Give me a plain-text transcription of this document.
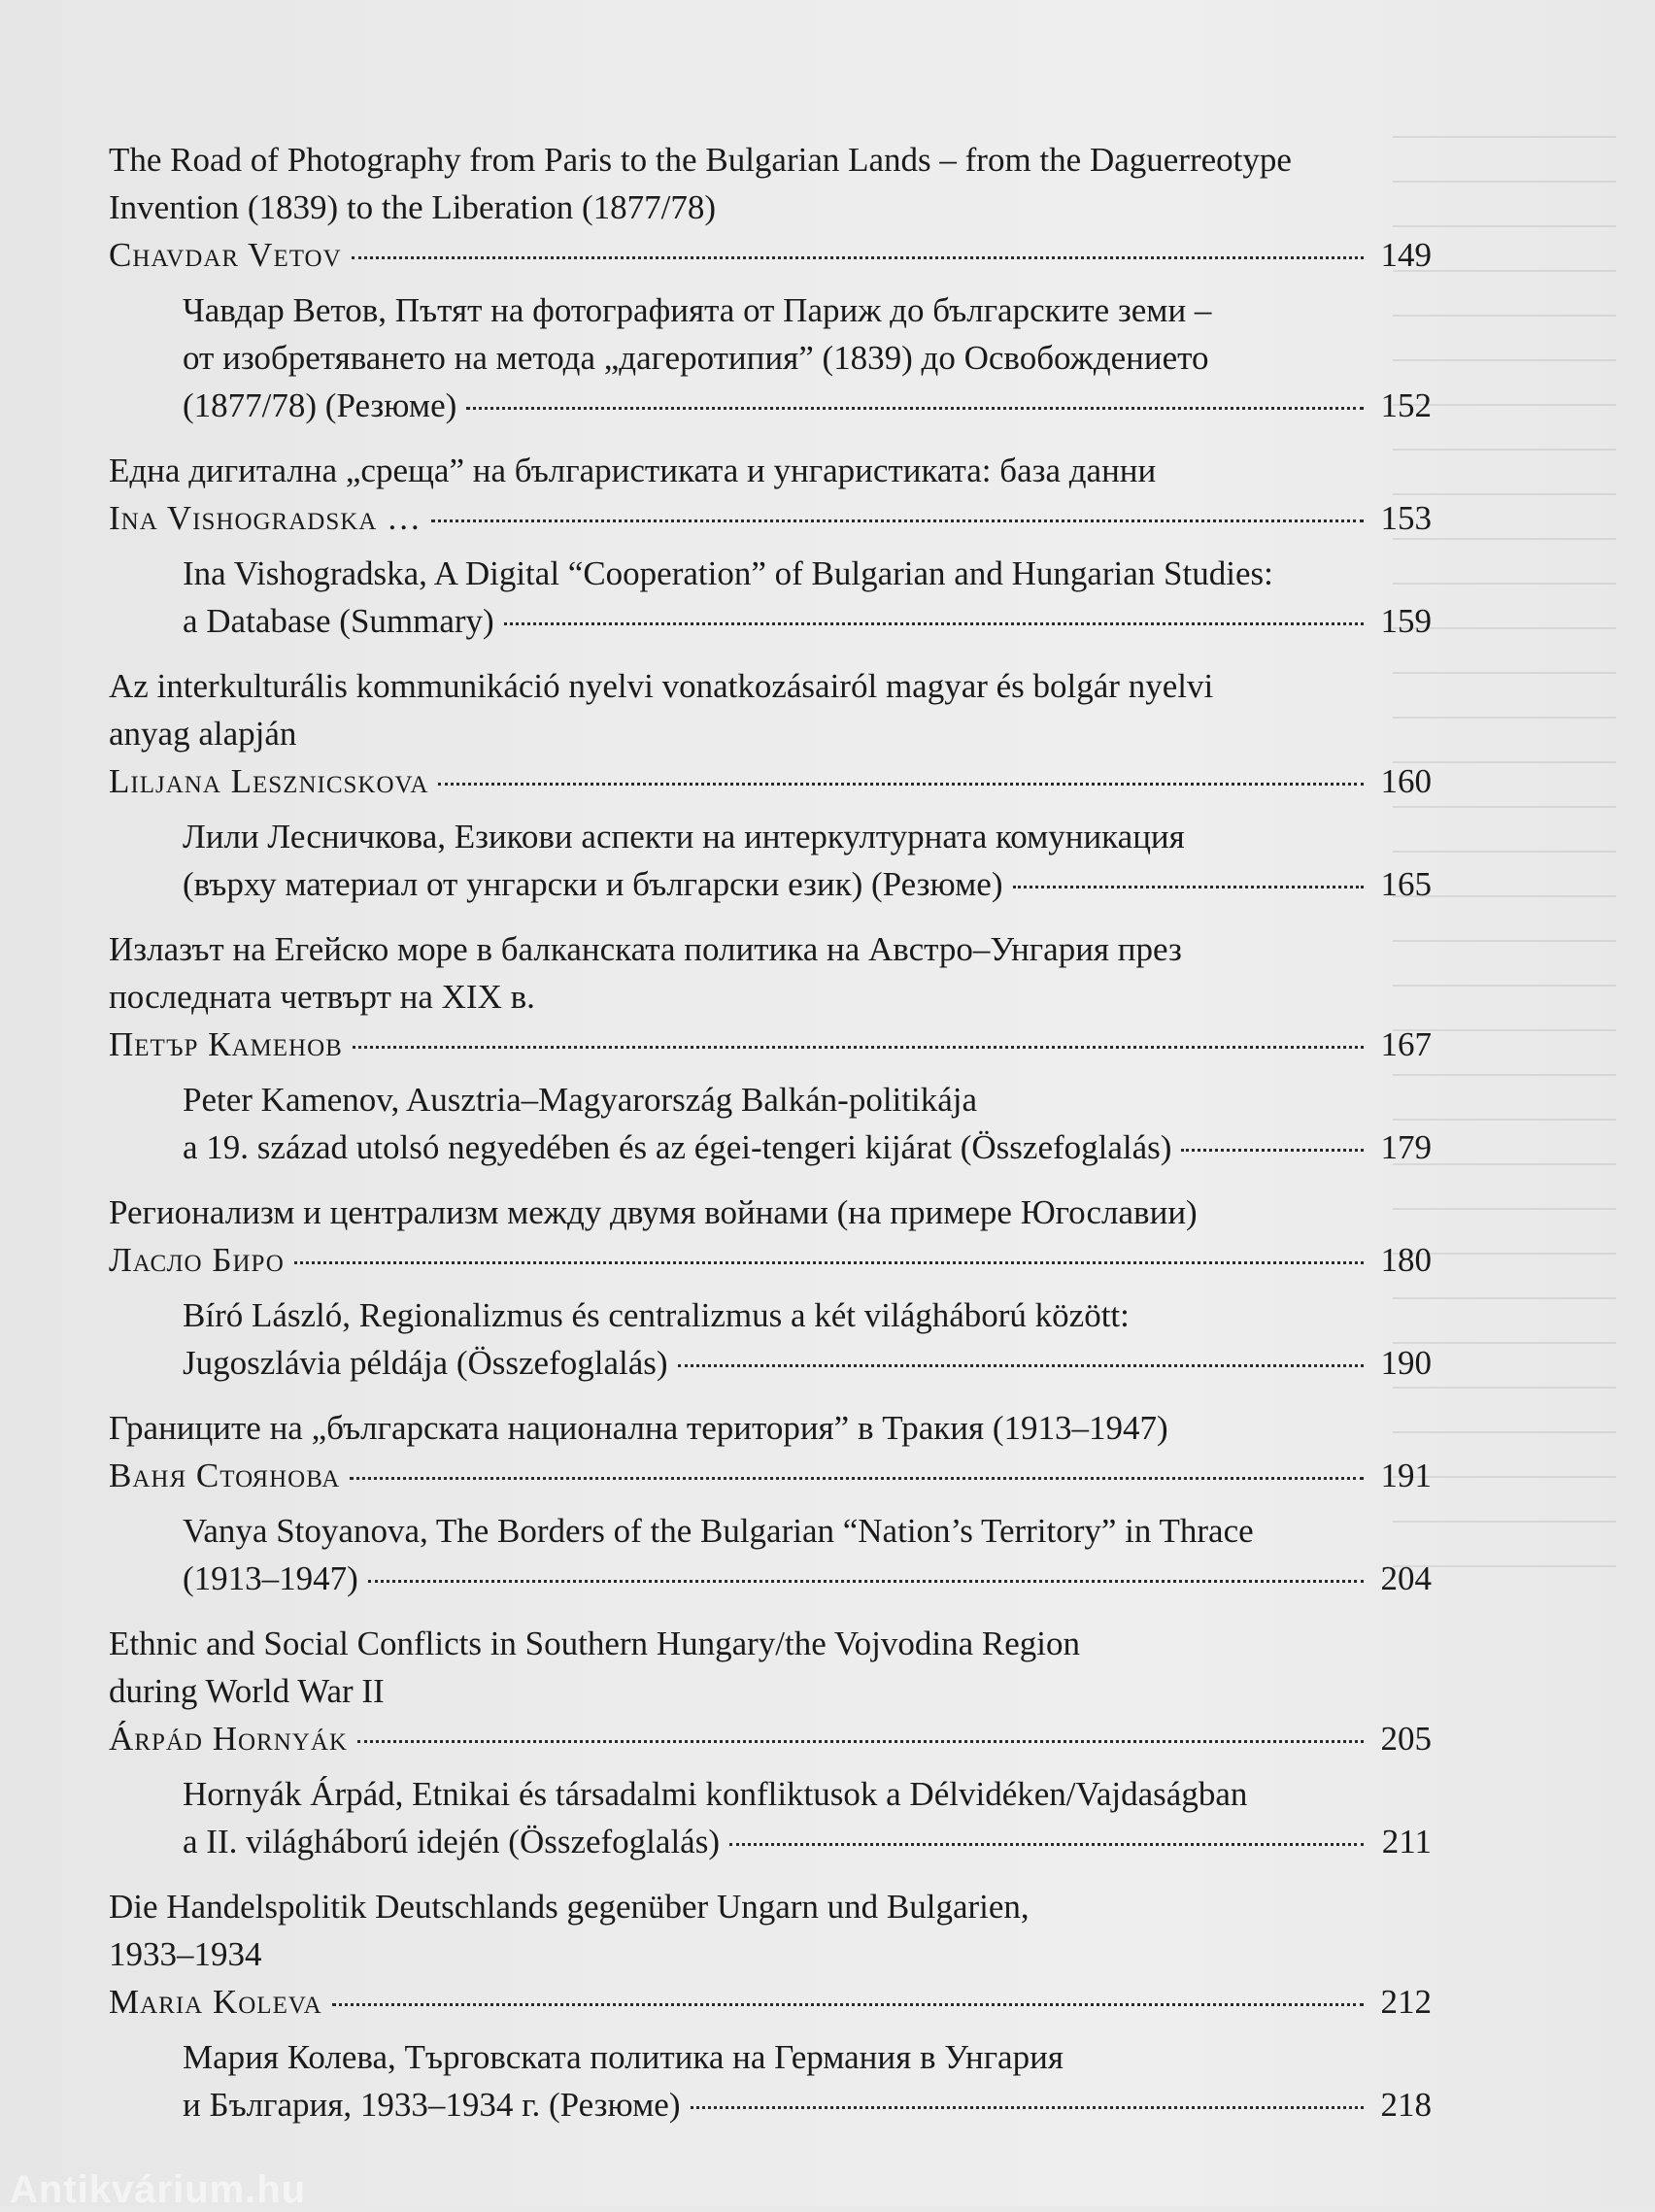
The Road of Photography from Paris to the Bulgarian Lands – from the Daguerreotype
Invention (1839) to the Liberation (1877/78)
Chavdar Vetov	149
Чавдар Ветов, Пътят на фотографията от Париж до българските земи –
от изобретяването на метода „дагеротипия” (1839) до Освобождението
(1877/78) (Резюме)	152
Една дигитална „среща” на българистиката и унгаристиката: база данни
Ina Vishogradska …	153
Ina Vishogradska, A Digital “Cooperation” of Bulgarian and Hungarian Studies:
a Database (Summary)	159
Az interkulturális kommunikáció nyelvi vonatkozásairól magyar és bolgár nyelvi
anyag alapján
Liljana Lesznicskova	160
Лили Лесничкова, Езикови аспекти на интеркултурната комуникация
(върху материал от унгарски и български език) (Резюме)	165
Излазът на Егейско море в балканската политика на Австро–Унгария през
последната четвърт на XIX в.
Петър Каменов	167
Peter Kamenov, Ausztria–Magyarország Balkán-politikája
a 19. század utolsó negyedében és az égei-tengeri kijárat (Összefoglalás)	179
Регионализм и централизм между двумя войнами (на примере Югославии)
Ласло Биро	180
Bíró László, Regionalizmus és centralizmus a két világháború között:
Jugoszlávia példája (Összefoglalás)	190
Границите на „българската национална територия” в Тракия (1913–1947)
Ваня Стоянова	191
Vanya Stoyanova, The Borders of the Bulgarian “Nation’s Territory” in Thrace
(1913–1947)	204
Ethnic and Social Conflicts in Southern Hungary/the Vojvodina Region
during World War II
Árpád Hornyák	205
Hornyák Árpád, Etnikai és társadalmi konfliktusok a Délvidéken/Vajdaságban
a II. világháború idején (Összefoglalás)	211
Die Handelspolitik Deutschlands gegenüber Ungarn und Bulgarien,
1933–1934
Maria Koleva	212
Мария Колева, Търговската политика на Германия в Унгария
и България, 1933–1934 г. (Резюме)	218
Antikvárium.hu
